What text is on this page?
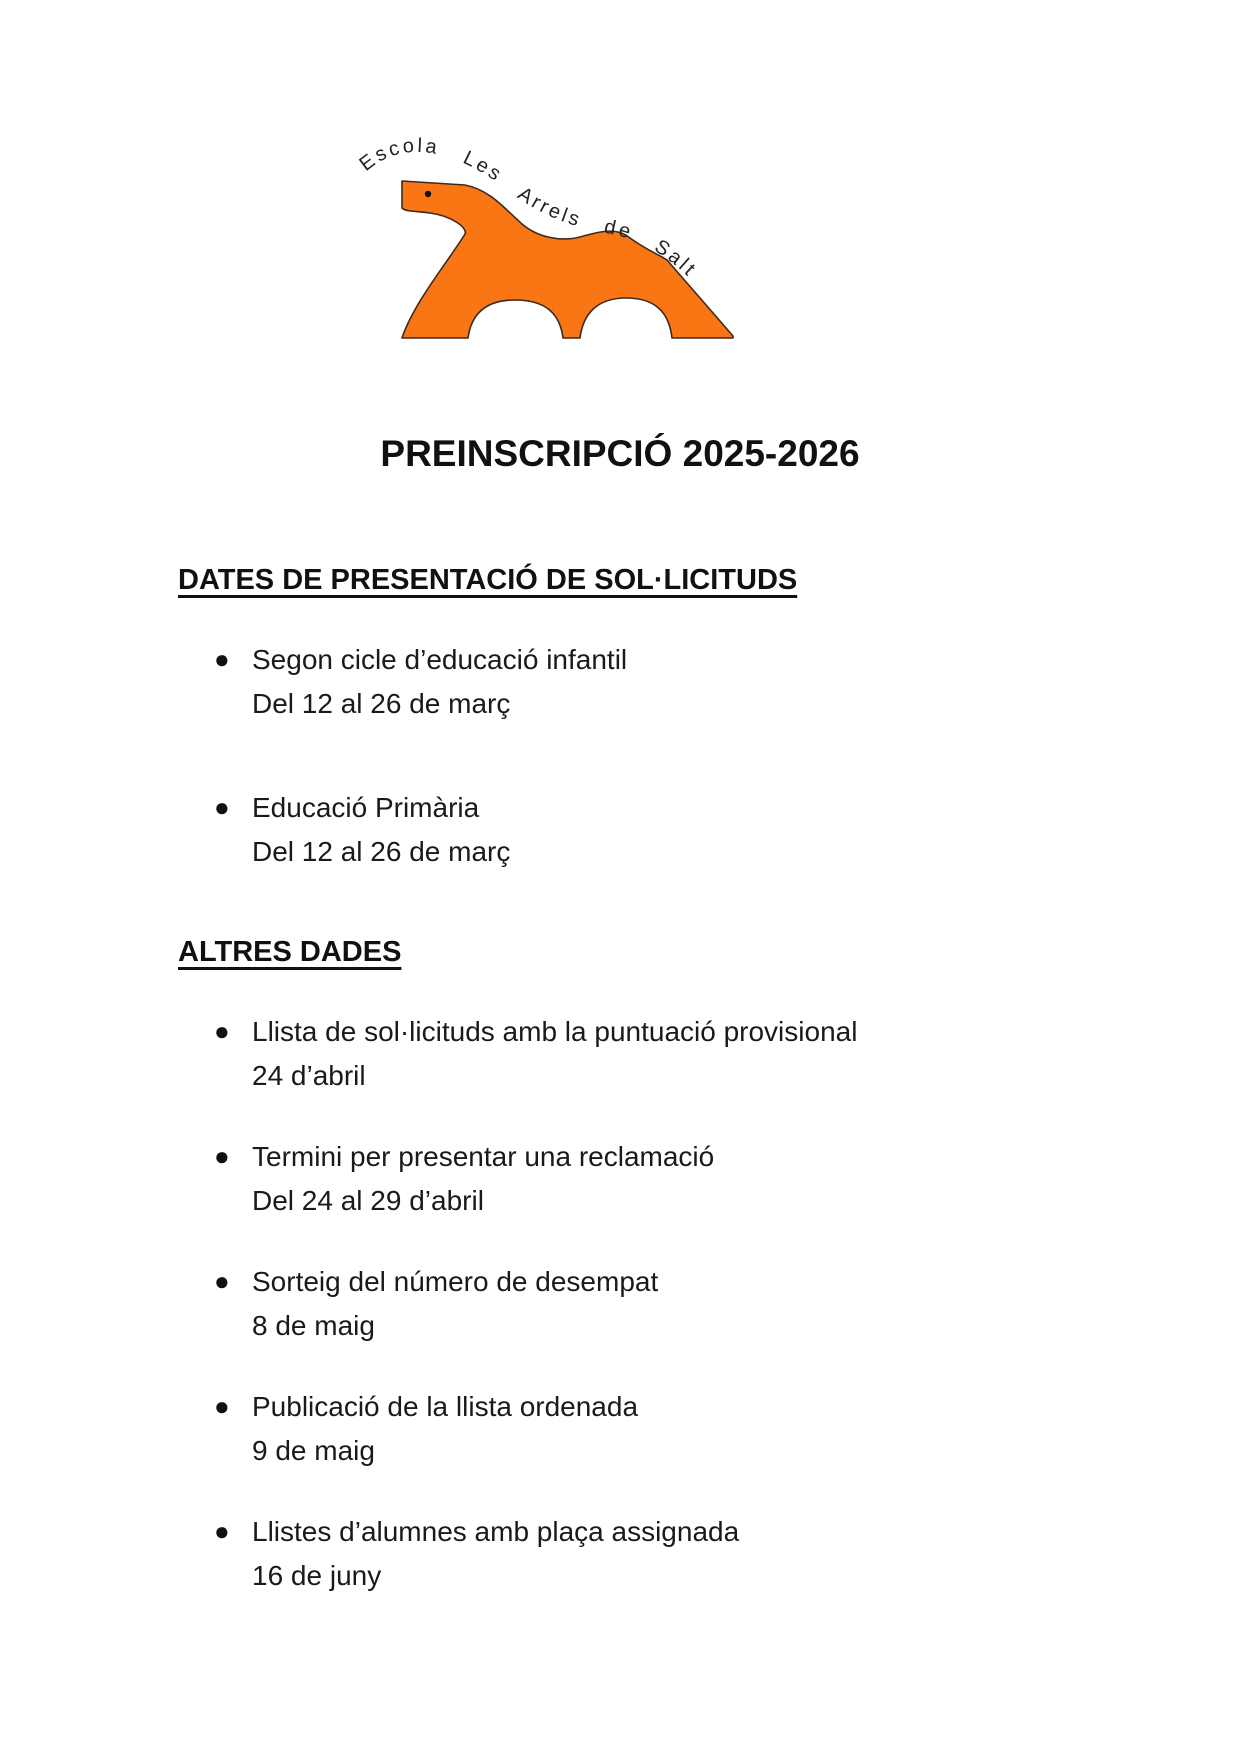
Escola Les Arrels de Salt
PREINSCRIPCIÓ 2025-2026
DATES DE PRESENTACIÓ DE SOL·LICITUDS
● Segon cicle d’educació infantil
Del 12 al 26 de març
● Educació Primària
Del 12 al 26 de març
ALTRES DADES
● Llista de sol·licituds amb la puntuació provisional
24 d’abril
● Termini per presentar una reclamació
Del 24 al 29 d’abril
● Sorteig del número de desempat
8 de maig
● Publicació de la llista ordenada
9 de maig
● Llistes d’alumnes amb plaça assignada
16 de juny
